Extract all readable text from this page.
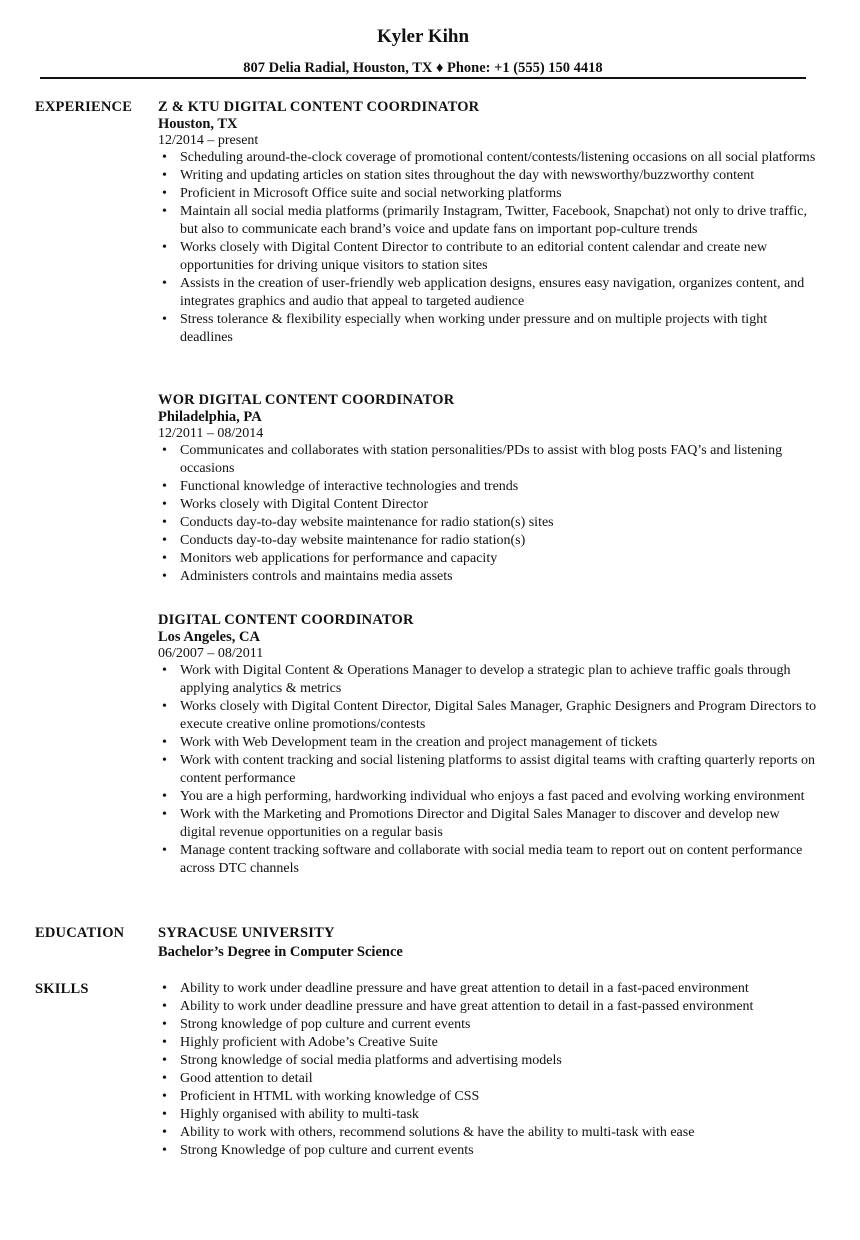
Kyler Kihn
807 Delia Radial, Houston, TX ♦ Phone: +1 (555) 150 4418
EXPERIENCE Z & KTU DIGITAL CONTENT COORDINATOR
Houston, TX
12/2014 – present
• Scheduling around-the-clock coverage of promotional content/contests/listening occasions on all social platforms
• Writing and updating articles on station sites throughout the day with newsworthy/buzzworthy content
• Proficient in Microsoft Office suite and social networking platforms
• Maintain all social media platforms (primarily Instagram, Twitter, Facebook, Snapchat) not only to drive traffic, but also to communicate each brand’s voice and update fans on important pop-culture trends
• Works closely with Digital Content Director to contribute to an editorial content calendar and create new opportunities for driving unique visitors to station sites
• Assists in the creation of user-friendly web application designs, ensures easy navigation, organizes content, and integrates graphics and audio that appeal to targeted audience
• Stress tolerance & flexibility especially when working under pressure and on multiple projects with tight deadlines
WOR DIGITAL CONTENT COORDINATOR
Philadelphia, PA
12/2011 – 08/2014
• Communicates and collaborates with station personalities/PDs to assist with blog posts FAQ’s and listening occasions
• Functional knowledge of interactive technologies and trends
• Works closely with Digital Content Director
• Conducts day-to-day website maintenance for radio station(s) sites
• Conducts day-to-day website maintenance for radio station(s)
• Monitors web applications for performance and capacity
• Administers controls and maintains media assets
DIGITAL CONTENT COORDINATOR
Los Angeles, CA
06/2007 – 08/2011
• Work with Digital Content & Operations Manager to develop a strategic plan to achieve traffic goals through applying analytics & metrics
• Works closely with Digital Content Director, Digital Sales Manager, Graphic Designers and Program Directors to execute creative online promotions/contests
• Work with Web Development team in the creation and project management of tickets
• Work with content tracking and social listening platforms to assist digital teams with crafting quarterly reports on content performance
• You are a high performing, hardworking individual who enjoys a fast paced and evolving working environment
• Work with the Marketing and Promotions Director and Digital Sales Manager to discover and develop new digital revenue opportunities on a regular basis
• Manage content tracking software and collaborate with social media team to report out on content performance across DTC channels
EDUCATION SYRACUSE UNIVERSITY
Bachelor’s Degree in Computer Science
SKILLS
•	Ability to work under deadline pressure and have great attention to detail in a fast-paced environment
• Ability to work under deadline pressure and have great attention to detail in a fast-passed environment
• Strong knowledge of pop culture and current events
• Highly proficient with Adobe’s Creative Suite
• Strong knowledge of social media platforms and advertising models
• Good attention to detail
• Proficient in HTML with working knowledge of CSS
• Highly organised with ability to multi-task
• Ability to work with others, recommend solutions & have the ability to multi-task with ease
• Strong Knowledge of pop culture and current events
